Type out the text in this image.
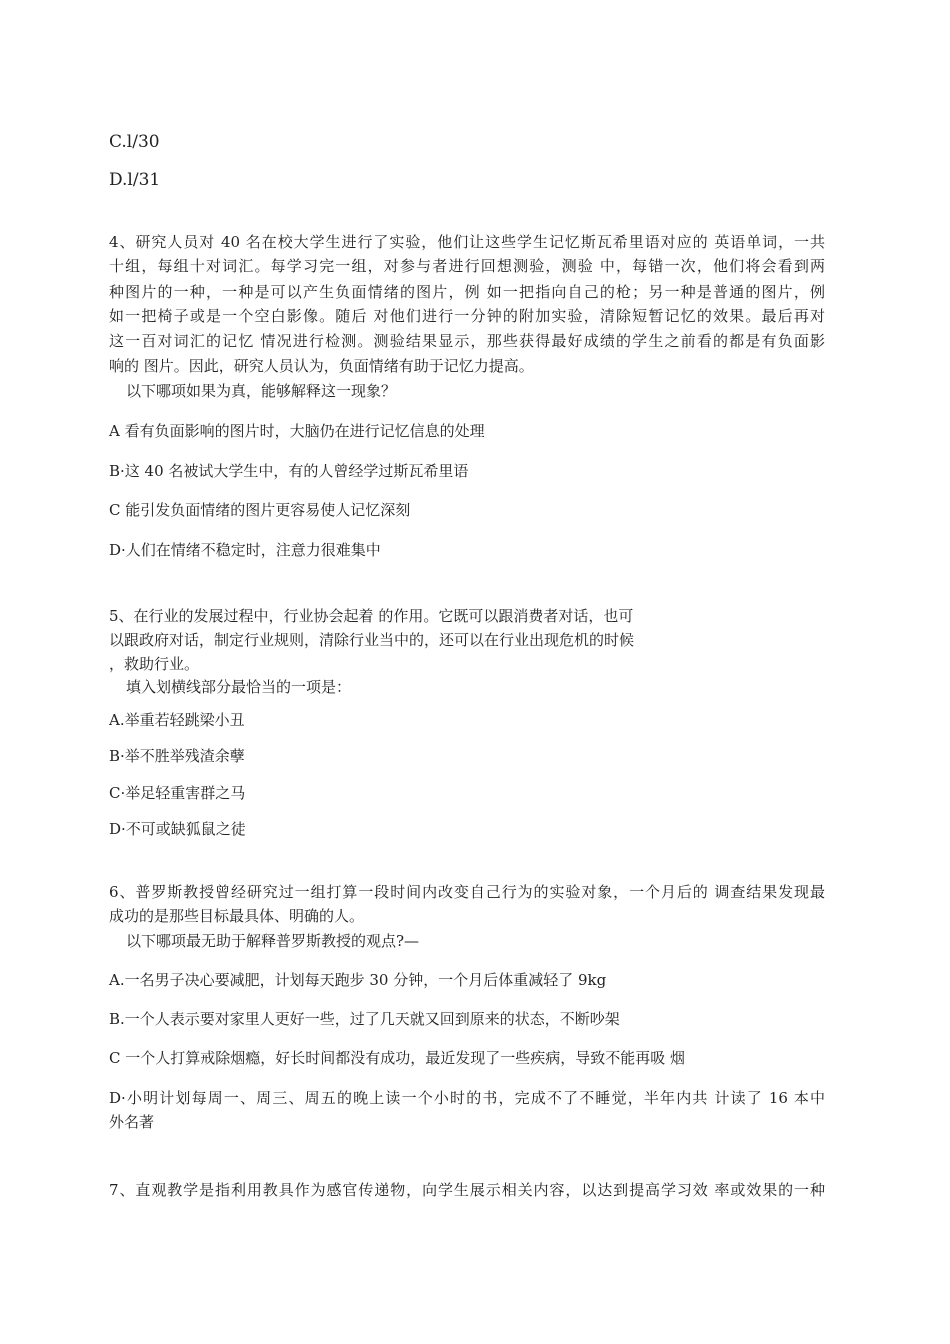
C.l/30
D.l/31
4、研究人员对 40 名在校大学生进行了实验，他们让这些学生记忆斯瓦希里语对应的 英语单词，一共
十组，每组十对词汇。每学习完一组，对参与者进行回想测验，测验 中，每错一次，他们将会看到两
种图片的一种，一种是可以产生负面情绪的图片，例 如一把指向自己的枪；另一种是普通的图片，例
如一把椅子或是一个空白影像。随后 对他们进行一分钟的附加实验，清除短暂记忆的效果。最后再对
这一百对词汇的记忆 情况进行检测。测验结果显示，那些获得最好成绩的学生之前看的都是有负面影
响的 图片。因此，研究人员认为，负面情绪有助于记忆力提高。
以下哪项如果为真，能够解释这一现象？
A 看有负面影响的图片时，大脑仍在进行记忆信息的处理
B·这 40 名被试大学生中，有的人曾经学过斯瓦希里语
C 能引发负面情绪的图片更容易使人记忆深刻
D·人们在情绪不稳定时，注意力很难集中
5、在行业的发展过程中，行业协会起着 的作用。它既可以跟消费者对话，也可
以跟政府对话，制定行业规则，清除行业当中的，还可以在行业出现危机的时候
，救助行业。
填入划横线部分最恰当的一项是：
A.举重若轻跳梁小丑
B·举不胜举残渣余孽
C·举足轻重害群之马
D·不可或缺狐鼠之徒
6、普罗斯教授曾经研究过一组打算一段时间内改变自己行为的实验对象，一个月后的 调查结果发现最
成功的是那些目标最具体、明确的人。
以下哪项最无助于解释普罗斯教授的观点?—
A.一名男子决心要减肥，计划每天跑步 30 分钟，一个月后体重减轻了 9kg
B.一个人表示要对家里人更好一些，过了几天就又回到原来的状态，不断吵架
C 一个人打算戒除烟瘾，好长时间都没有成功，最近发现了一些疾病，导致不能再吸 烟
D·小明计划每周一、周三、周五的晚上读一个小时的书，完成不了不睡觉，半年内共 计读了 16 本中
外名著
7、直观教学是指利用教具作为感官传递物，向学生展示相关内容，以达到提高学习效 率或效果的一种
